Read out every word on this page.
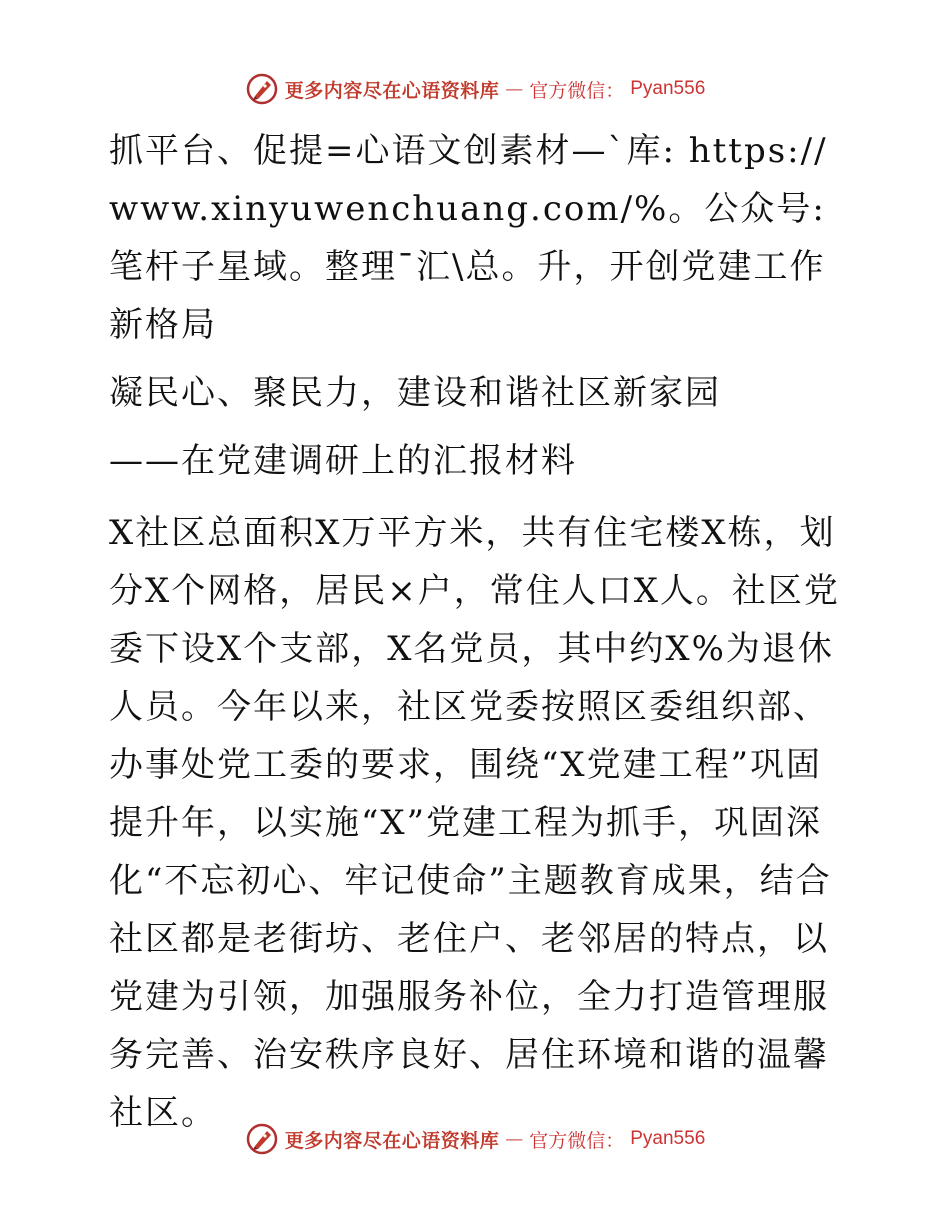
更多内容尽在心语资料库 — 官方微信： Pyan556

抓平台、促提=心语文创素材—`库: https://www.xinyuwenchuang.com/%。公众号: 笔杆子星域。整理¯汇\总。升，开创党建工作新格局

凝民心、聚民力，建设和谐社区新家园

——在党建调研上的汇报材料

X社区总面积X万平方米，共有住宅楼X栋，划分X个网格，居民×户，常住人口X人。社区党委下设X个支部，X名党员，其中约X%为退休人员。今年以来，社区党委按照区委组织部、办事处党工委的要求，围绕“X党建工程”巩固提升年，以实施“X”党建工程为抓手，巩固深化“不忘初心、牢记使命”主题教育成果，结合社区都是老街坊、老住户、老邻居的特点，以党建为引领，加强服务补位，全力打造管理服务完善、治安秩序良好、居住环境和谐的温馨社区。

更多内容尽在心语资料库 — 官方微信： Pyan556
